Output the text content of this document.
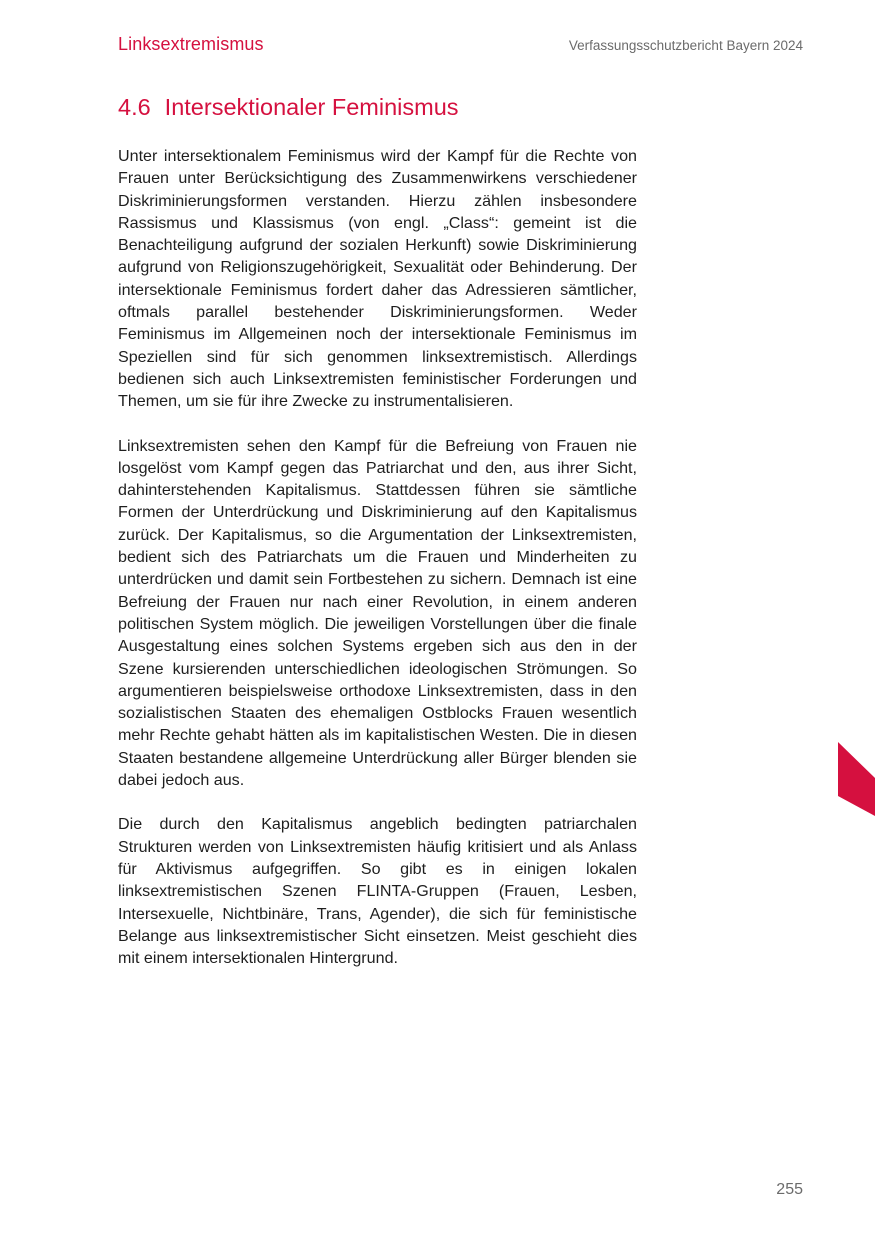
Linksextremismus	Verfassungsschutzbericht Bayern 2024
4.6 Intersektionaler Feminismus

Unter intersektionalem Feminismus wird der Kampf für die Rechte von Frauen unter Berücksichtigung des Zusammenwirkens verschiedener Diskriminierungsformen verstanden. Hierzu zählen insbesondere Rassismus und Klassismus (von engl. „Class“: gemeint ist die Benachteiligung aufgrund der sozialen Herkunft) sowie Diskriminierung aufgrund von Religionszugehörigkeit, Sexualität oder Behinderung. Der intersektionale Feminismus fordert daher das Adressieren sämtlicher, oftmals parallel bestehender Diskriminierungsformen. Weder Feminismus im Allgemeinen noch der intersektionale Feminismus im Speziellen sind für sich genommen linksextremistisch. Allerdings bedienen sich auch Linksextremisten feministischer Forderungen und Themen, um sie für ihre Zwecke zu instrumentalisieren.

Linksextremisten sehen den Kampf für die Befreiung von Frauen nie losgelöst vom Kampf gegen das Patriarchat und den, aus ihrer Sicht, dahinterstehenden Kapitalismus. Stattdessen führen sie sämtliche Formen der Unterdrückung und Diskriminierung auf den Kapitalismus zurück. Der Kapitalismus, so die Argumentation der Linksextremisten, bedient sich des Patriarchats um die Frauen und Minderheiten zu unterdrücken und damit sein Fortbestehen zu sichern. Demnach ist eine Befreiung der Frauen nur nach einer Revolution, in einem anderen politischen System möglich. Die jeweiligen Vorstellungen über die finale Ausgestaltung eines solchen Systems ergeben sich aus den in der Szene kursierenden unterschiedlichen ideologischen Strömungen. So argumentieren beispielsweise orthodoxe Linksextremisten, dass in den sozialistischen Staaten des ehemaligen Ostblocks Frauen wesentlich mehr Rechte gehabt hätten als im kapitalistischen Westen. Die in diesen Staaten bestandene allgemeine Unterdrückung aller Bürger blenden sie dabei jedoch aus.

Die durch den Kapitalismus angeblich bedingten patriarchalen Strukturen werden von Linksextremisten häufig kritisiert und als Anlass für Aktivismus aufgegriffen. So gibt es in einigen lokalen linksextremistischen Szenen FLINTA-Gruppen (Frauen, Lesben, Intersexuelle, Nichtbinäre, Trans, Agender), die sich für feministische Belange aus linksextremistischer Sicht einsetzen. Meist geschieht dies mit einem intersektionalen Hintergrund.

255
